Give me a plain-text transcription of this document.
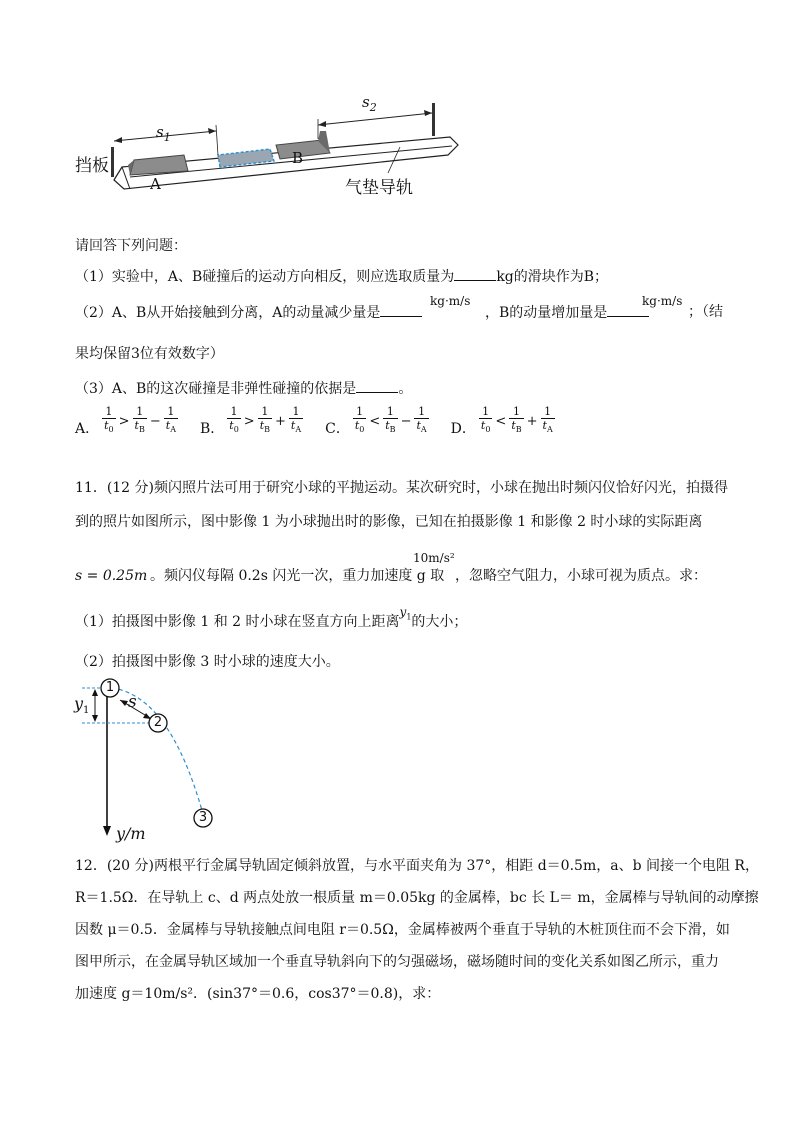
挡板
气垫导轨
A
B
$s_1$
$s_2$
请回答下列问题：
（1）实验中，A、B碰撞后的运动方向相反，则应选取质量为	kg的滑块作为B；
（2）A、B从开始接触到分离，A的动量减少量是
kg·m/s
，B的动量增加量是
kg·m/s
；（结
果均保留3位有效数字）
（3）A、B的这次碰撞是非弹性碰撞的依据是	。
A． $\frac{1}{t_0} > \frac{1}{t_B} - \frac{1}{t_A}$ B． $\frac{1}{t_0} > \frac{1}{t_B} + \frac{1}{t_A}$ C． $\frac{1}{t_0} < \frac{1}{t_B} - \frac{1}{t_A}$ D． $\frac{1}{t_0} < \frac{1}{t_B} + \frac{1}{t_A}$
11．(12 分)频闪照片法可用于研究小球的平抛运动。某次研究时，小球在抛出时频闪仪恰好闪光，拍摄得
到的照片如图所示，图中影像 1 为小球抛出时的影像，已知在拍摄影像 1 和影像 2 时小球的实际距离
s = 0.25m 。频闪仪每隔 0.2s 闪光一次，重力加速度 g 取
10m/s²
，忽略空气阻力，小球可视为质点。求：
（1）拍摄图中影像 1 和 2 时小球在竖直方向上距离$y_1$的大小；
（2）拍摄图中影像 3 时小球的速度大小。
1
2
3
$y_1$ s
y/m
12．(20 分)两根平行金属导轨固定倾斜放置，与水平面夹角为 37°，相距 d＝0.5m，a、b 间接一个电阻 R，
R＝1.5Ω．在导轨上 c、d 两点处放一根质量 m＝0.05kg 的金属棒，bc 长 L＝ m，金属棒与导轨间的动摩擦
因数 μ＝0.5．金属棒与导轨接触点间电阻 r＝0.5Ω，金属棒被两个垂直于导轨的木桩顶住而不会下滑，如
图甲所示，在金属导轨区域加一个垂直导轨斜向下的匀强磁场，磁场随时间的变化关系如图乙所示，重力
加速度 g＝10m/s²．(sin37°＝0.6，cos37°＝0.8)，求：
